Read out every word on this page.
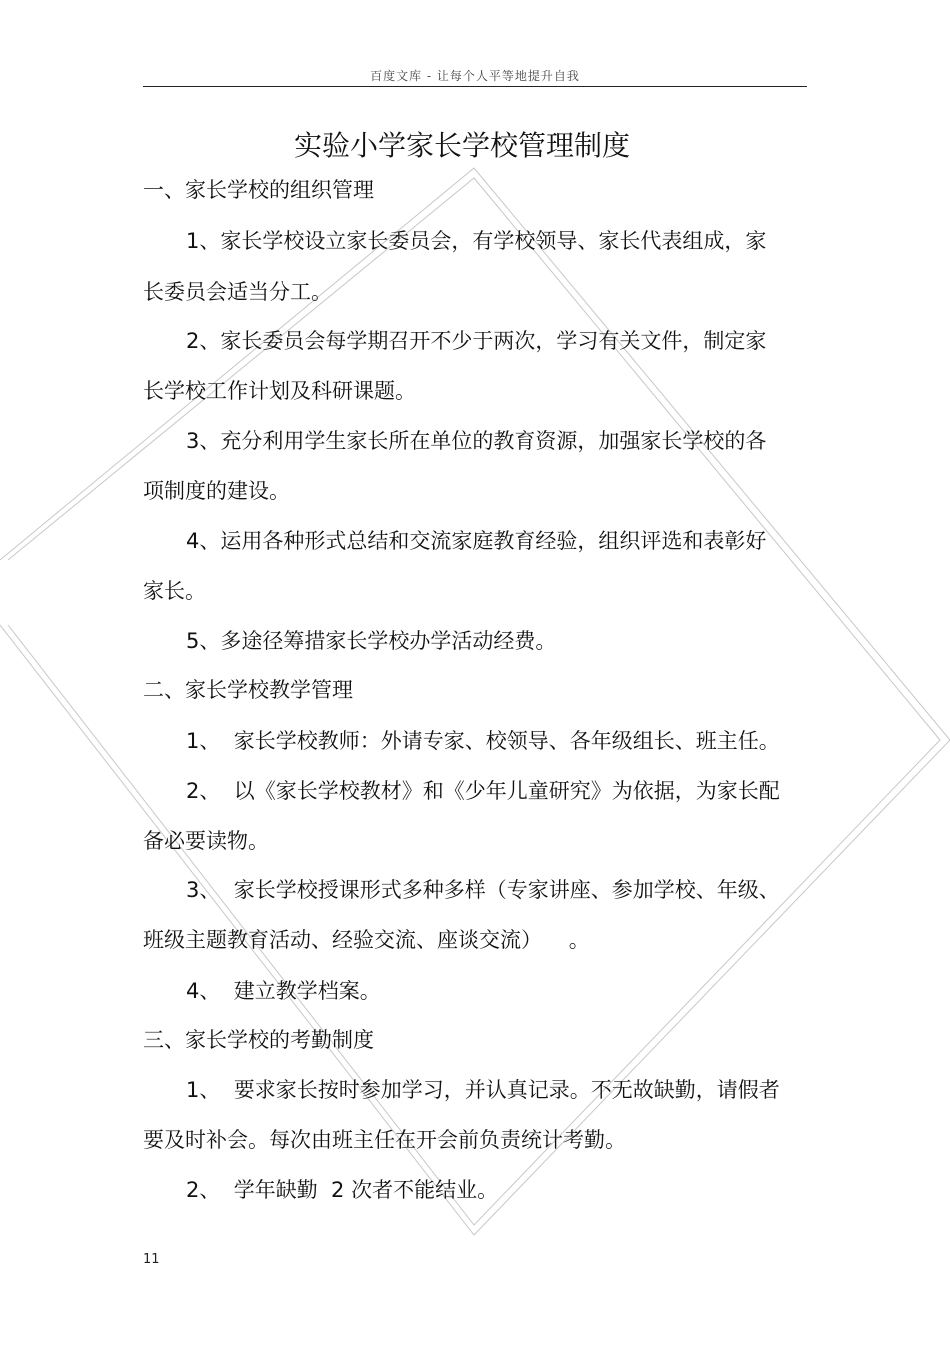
百度文库 - 让每个人平等地提升自我
实验小学家长学校管理制度
一、家长学校的组织管理
1、家长学校设立家长委员会，有学校领导、家长代表组成，家
长委员会适当分工。
2、家长委员会每学期召开不少于两次，学习有关文件，制定家
长学校工作计划及科研课题。
3、充分利用学生家长所在单位的教育资源，加强家长学校的各
项制度的建设。
4、运用各种形式总结和交流家庭教育经验，组织评选和表彰好
家长。
5、多途径筹措家长学校办学活动经费。
二、家长学校教学管理
1、  家长学校教师：外请专家、校领导、各年级组长、班主任。
2、  以《家长学校教材》和《少年儿童研究》为依据，为家长配
备必要读物。
3、  家长学校授课形式多种多样（专家讲座、参加学校、年级、
班级主题教育活动、经验交流、座谈交流）    。
4、  建立教学档案。
三、家长学校的考勤制度
1、  要求家长按时参加学习，并认真记录。不无故缺勤，请假者
要及时补会。每次由班主任在开会前负责统计考勤。
2、  学年缺勤  2 次者不能结业。
11
